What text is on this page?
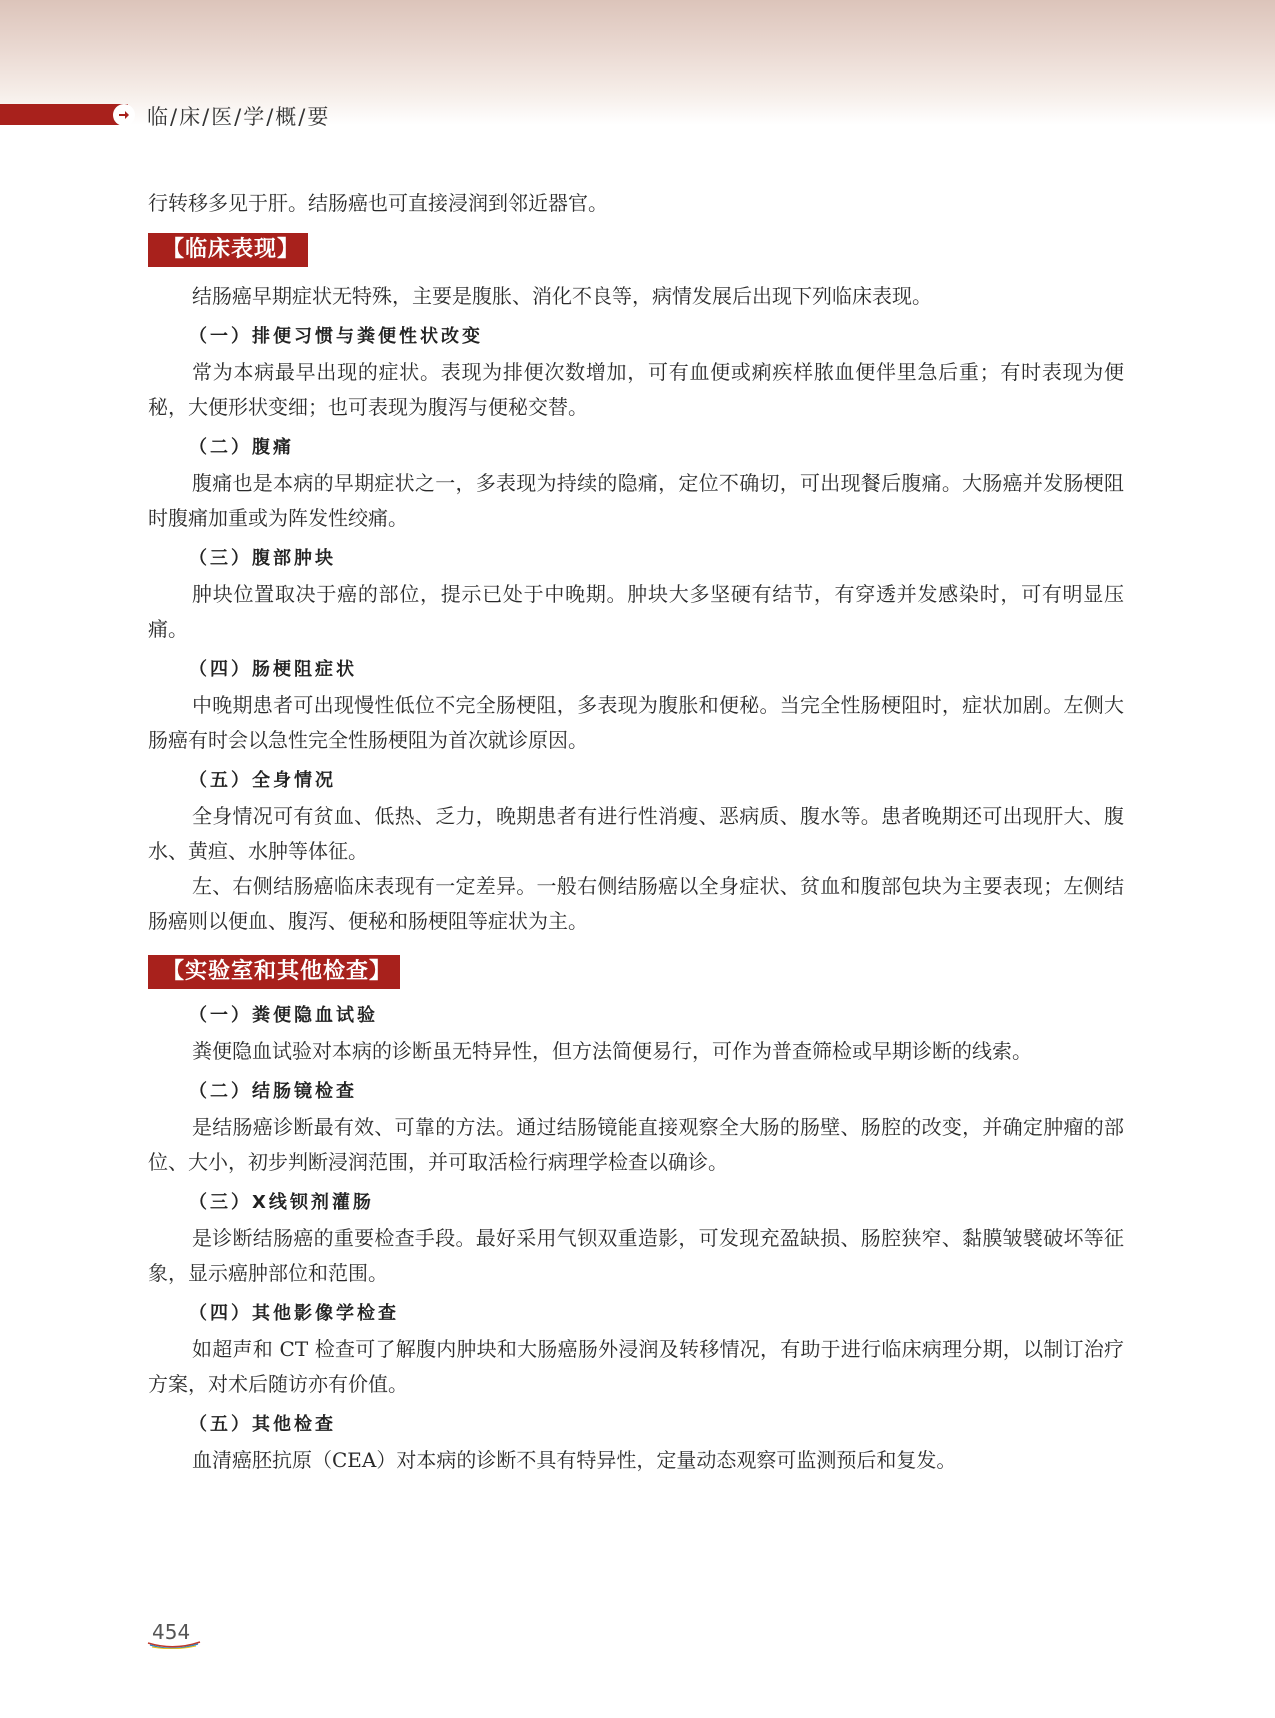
临/床/医/学/概/要

行转移多见于肝。结肠癌也可直接浸润到邻近器官。

【临床表现】

结肠癌早期症状无特殊，主要是腹胀、消化不良等，病情发展后出现下列临床表现。

（一）排便习惯与粪便性状改变

常为本病最早出现的症状。表现为排便次数增加，可有血便或痢疾样脓血便伴里急后重；有时表现为便秘，大便形状变细；也可表现为腹泻与便秘交替。

（二）腹痛

腹痛也是本病的早期症状之一，多表现为持续的隐痛，定位不确切，可出现餐后腹痛。大肠癌并发肠梗阻时腹痛加重或为阵发性绞痛。

（三）腹部肿块

肿块位置取决于癌的部位，提示已处于中晚期。肿块大多坚硬有结节，有穿透并发感染时，可有明显压痛。

（四）肠梗阻症状

中晚期患者可出现慢性低位不完全肠梗阻，多表现为腹胀和便秘。当完全性肠梗阻时，症状加剧。左侧大肠癌有时会以急性完全性肠梗阻为首次就诊原因。

（五）全身情况

全身情况可有贫血、低热、乏力，晚期患者有进行性消瘦、恶病质、腹水等。患者晚期还可出现肝大、腹水、黄疸、水肿等体征。

左、右侧结肠癌临床表现有一定差异。一般右侧结肠癌以全身症状、贫血和腹部包块为主要表现；左侧结肠癌则以便血、腹泻、便秘和肠梗阻等症状为主。

【实验室和其他检查】
（一）粪便隐血试验

粪便隐血试验对本病的诊断虽无特异性，但方法简便易行，可作为普查筛检或早期诊断的线索。

（二）结肠镜检查

是结肠癌诊断最有效、可靠的方法。通过结肠镜能直接观察全大肠的肠壁、肠腔的改变，并确定肿瘤的部位、大小，初步判断浸润范围，并可取活检行病理学检查以确诊。

（三）X线钡剂灌肠

是诊断结肠癌的重要检查手段。最好采用气钡双重造影，可发现充盈缺损、肠腔狭窄、黏膜皱襞破坏等征象，显示癌肿部位和范围。

（四）其他影像学检查

如超声和 CT 检查可了解腹内肿块和大肠癌肠外浸润及转移情况，有助于进行临床病理分期，以制订治疗方案，对术后随访亦有价值。

（五）其他检查

血清癌胚抗原（CEA）对本病的诊断不具有特异性，定量动态观察可监测预后和复发。

454
